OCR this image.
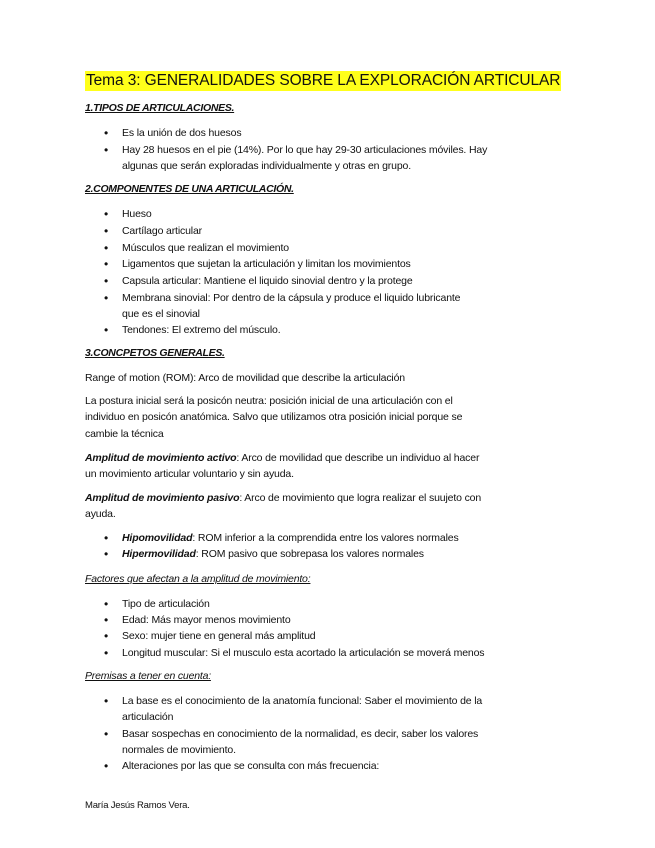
Tema 3: GENERALIDADES SOBRE LA EXPLORACIÓN ARTICULAR
1.TIPOS DE ARTICULACIONES.
•	Es la unión de dos huesos
•	Hay 28 huesos en el pie (14%). Por lo que hay 29-30 articulaciones móviles. Hay
algunas que serán exploradas individualmente y otras en grupo.
2.COMPONENTES DE UNA ARTICULACIÓN.
•	Hueso
•	Cartílago articular
•	Músculos que realizan el movimiento
•	Ligamentos que sujetan la articulación y limitan los movimientos
•	Capsula articular: Mantiene el liquido sinovial dentro y la protege
•	Membrana sinovial: Por dentro de la cápsula y produce el liquido lubricante
que es el sinovial
•	Tendones: El extremo del músculo.
3.CONCPETOS GENERALES.
Range of motion (ROM): Arco de movilidad que describe la articulación
La postura inicial será la posicón neutra: posición inicial de una articulación con el
individuo en posicón anatómica. Salvo que utilizamos otra posición inicial porque se
cambie la técnica
Amplitud de movimiento activo: Arco de movilidad que describe un individuo al hacer
un movimiento articular voluntario y sin ayuda.
Amplitud de movimiento pasivo: Arco de movimiento que logra realizar el suujeto con
ayuda.
•	Hipomovilidad: ROM inferior a la comprendida entre los valores normales
•	Hipermovilidad: ROM pasivo que sobrepasa los valores normales
Factores que afectan a la amplitud de movimiento:
•	Tipo de articulación
•	Edad: Más mayor menos movimiento
•	Sexo: mujer tiene en general más amplitud
•	Longitud muscular: Si el musculo esta acortado la articulación se moverá menos
Premisas a tener en cuenta:
•	La base es el conocimiento de la anatomía funcional: Saber el movimiento de la
articulación
•	Basar sospechas en conocimiento de la normalidad, es decir, saber los valores
normales de movimiento.
•	Alteraciones por las que se consulta con más frecuencia:
María Jesús Ramos Vera.
